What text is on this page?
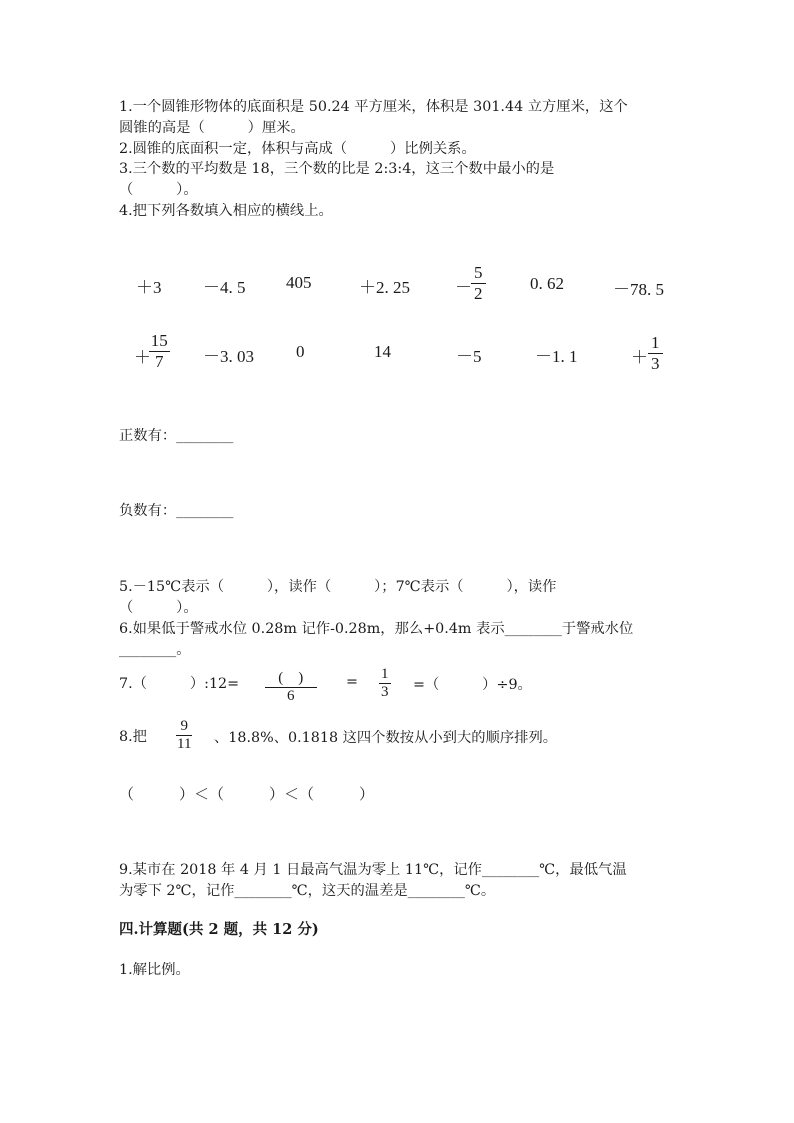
1.一个圆锥形物体的底面积是 50.24 平方厘米，体积是 301.44 立方厘米，这个
圆锥的高是（　　　）厘米。
2.圆锥的底面积一定，体积与高成（　　　）比例关系。
3.三个数的平均数是 18，三个数的比是 2:3:4，这三个数中最小的是
（　　　）。
4.把下列各数填入相应的横线上。
＋3 －4. 5 405	＋2. 25	－ $\frac{5}{2}$	0. 62	－78. 5
＋
$\frac{15}{7} -3$. 03 0	14	－5	－1. 1	＋ $\frac{1}{3}$
正数有：________
负数有：________
5.－15℃表示（　　　），读作（　　　）；7℃表示（　　　），读作
（　　　）。
6.如果低于警戒水位 0.28m 记作-0.28m，那么+0.4m 表示________于警戒水位
________。
7.（　　　）:12=	(　)
6
= $\frac{1}{3}$ =（　　　）÷9。
8.把 $\frac{9}{11}$ 、18.8%、0.1818 这四个数按从小到大的顺序排列。
（　　　）＜（　　　）＜（　　　）
9.某市在 2018 年 4 月 1 日最高气温为零上 11℃，记作________℃，最低气温
为零下 2℃，记作________℃，这天的温差是________℃。
四.计算题(共 2 题，共 12 分)
1.解比例。
